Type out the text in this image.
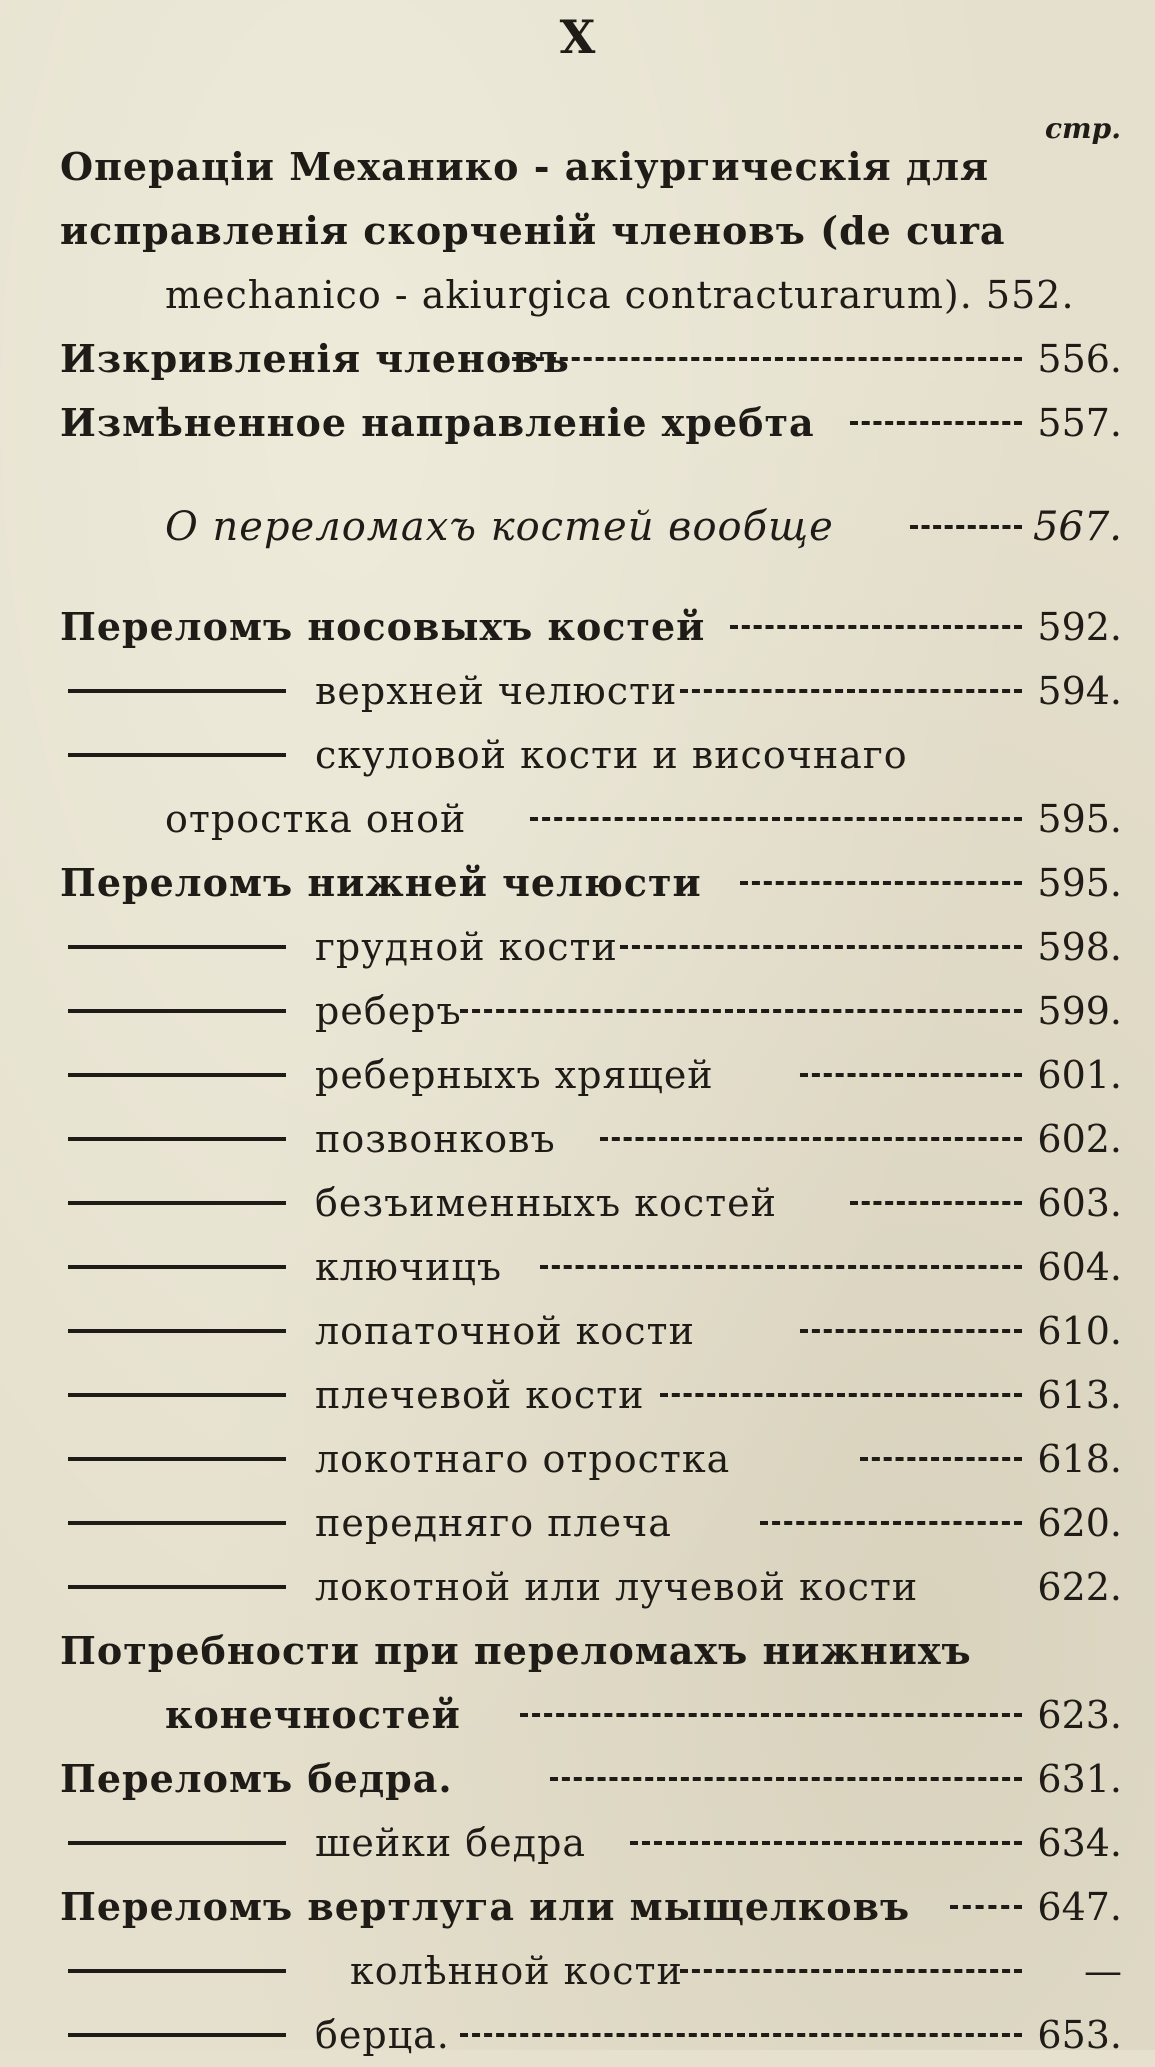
X
стр.
Операціи Механико - акіургическія для
исправленія скорченій членовъ (de cura
mechanico - akiurgica contracturarum). 552.
Изкривленія членовъ	556.
Измѣненное направленіе хребта	557.
О переломахъ костей вообще	567.
Переломъ носовыхъ костей	592.
верхней челюсти	594.
скуловой кости и височнаго
отростка оной	595.
Переломъ нижней челюсти	595.
грудной кости	598.
реберъ	599.
реберныхъ хрящей	601.
позвонковъ	602.
безъименныхъ костей	603.
ключицъ	604.
лопаточной кости	610.
плечевой кости	613.
локотнаго отростка	618.
передняго плеча	620.
локотной или лучевой кости	622.
Потребности при переломахъ нижнихъ
конечностей	623.
Переломъ бедра.	631.
шейки бедра	634.
Переломъ вертлуга или мыщелковъ	647.
колѣнной кости	—
берца.	653.
